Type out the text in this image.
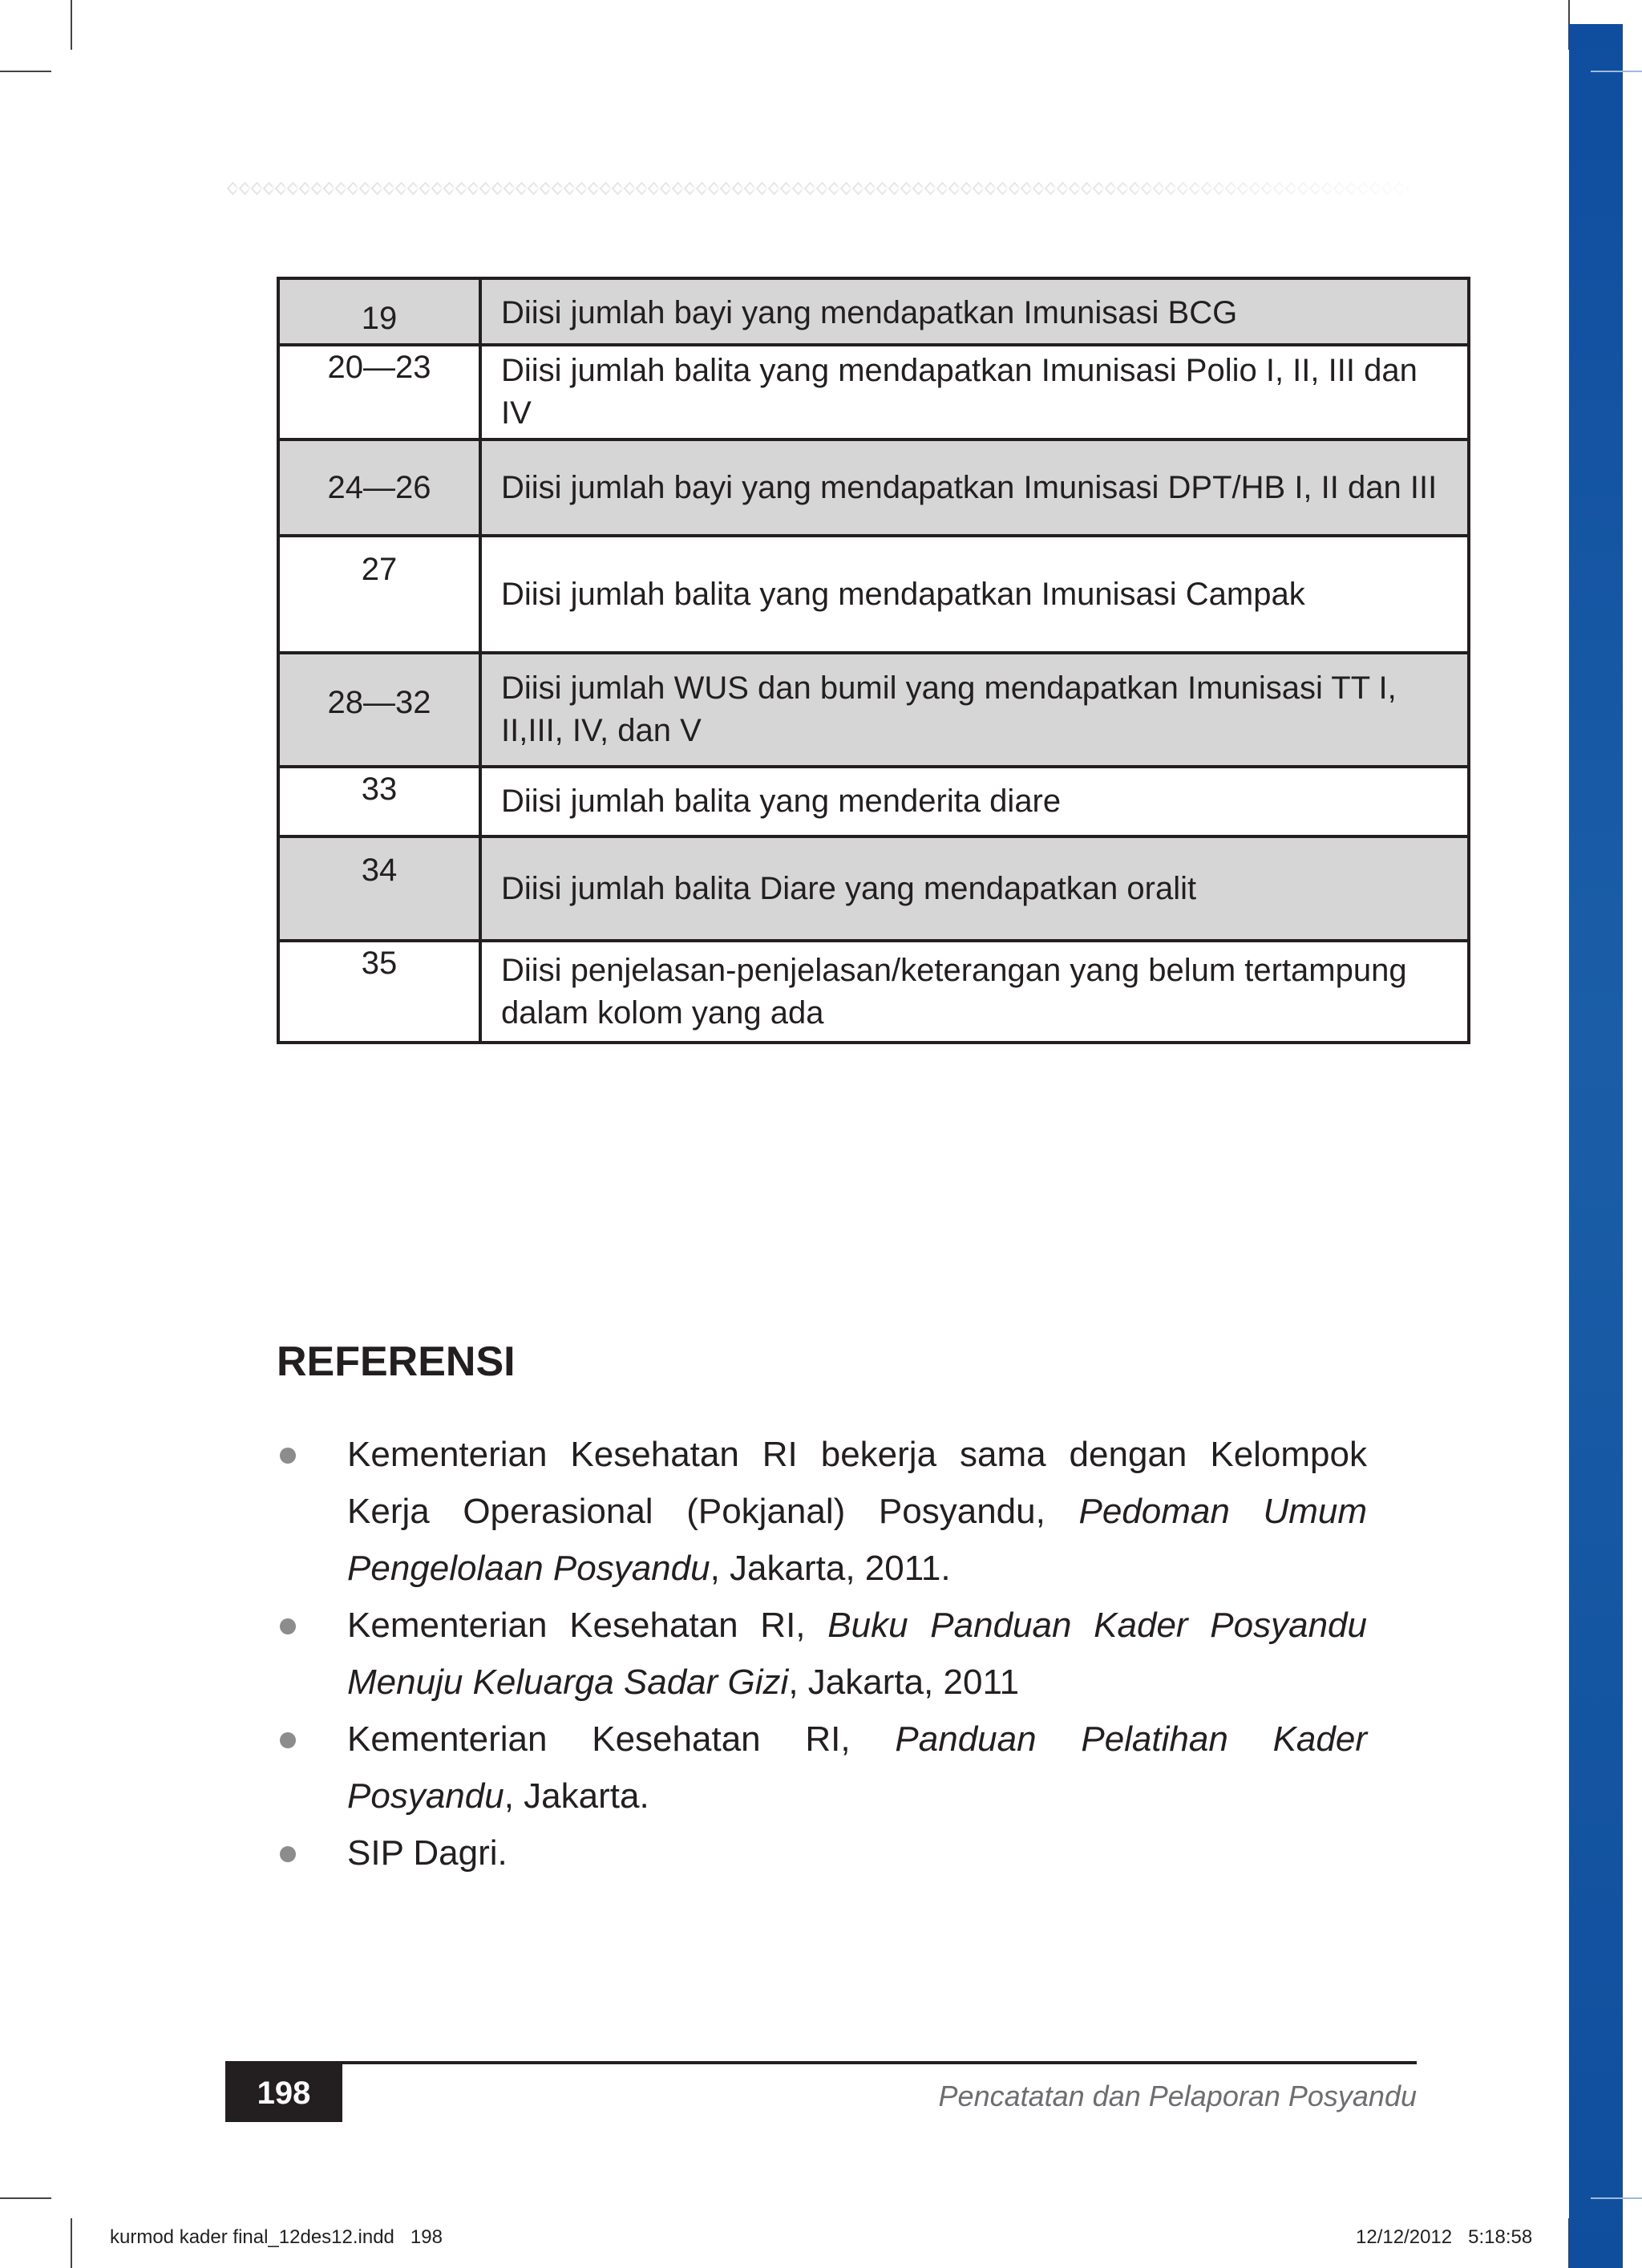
19	Diisi jumlah bayi yang mendapatkan Imunisasi BCG
20—23	Diisi jumlah balita yang mendapatkan Imunisasi Polio I, II, III dan IV
24—26	Diisi jumlah bayi yang mendapatkan Imunisasi DPT/HB I, II dan III
27	Diisi jumlah balita yang mendapatkan Imunisasi Campak
28—32	Diisi jumlah WUS dan bumil yang mendapatkan Imunisasi TT I, II,III, IV, dan V
33	Diisi jumlah balita yang menderita diare
34	Diisi jumlah balita Diare yang mendapatkan oralit
35	Diisi penjelasan-penjelasan/keterangan yang belum tertampung dalam kolom yang ada
REFERENSI
Kementerian Kesehatan RI bekerja sama dengan Kelompok Kerja Operasional (Pokjanal) Posyandu, Pedoman Umum Pengelolaan Posyandu, Jakarta, 2011.
Kementerian Kesehatan RI, Buku Panduan Kader Posyandu Menuju Keluarga Sadar Gizi, Jakarta, 2011
Kementerian Kesehatan RI, Panduan Pelatihan Kader Posyandu, Jakarta.
SIP Dagri.
198	Pencatatan dan Pelaporan Posyandu
kurmod kader final_12des12.indd   198	12/12/2012   5:18:58
